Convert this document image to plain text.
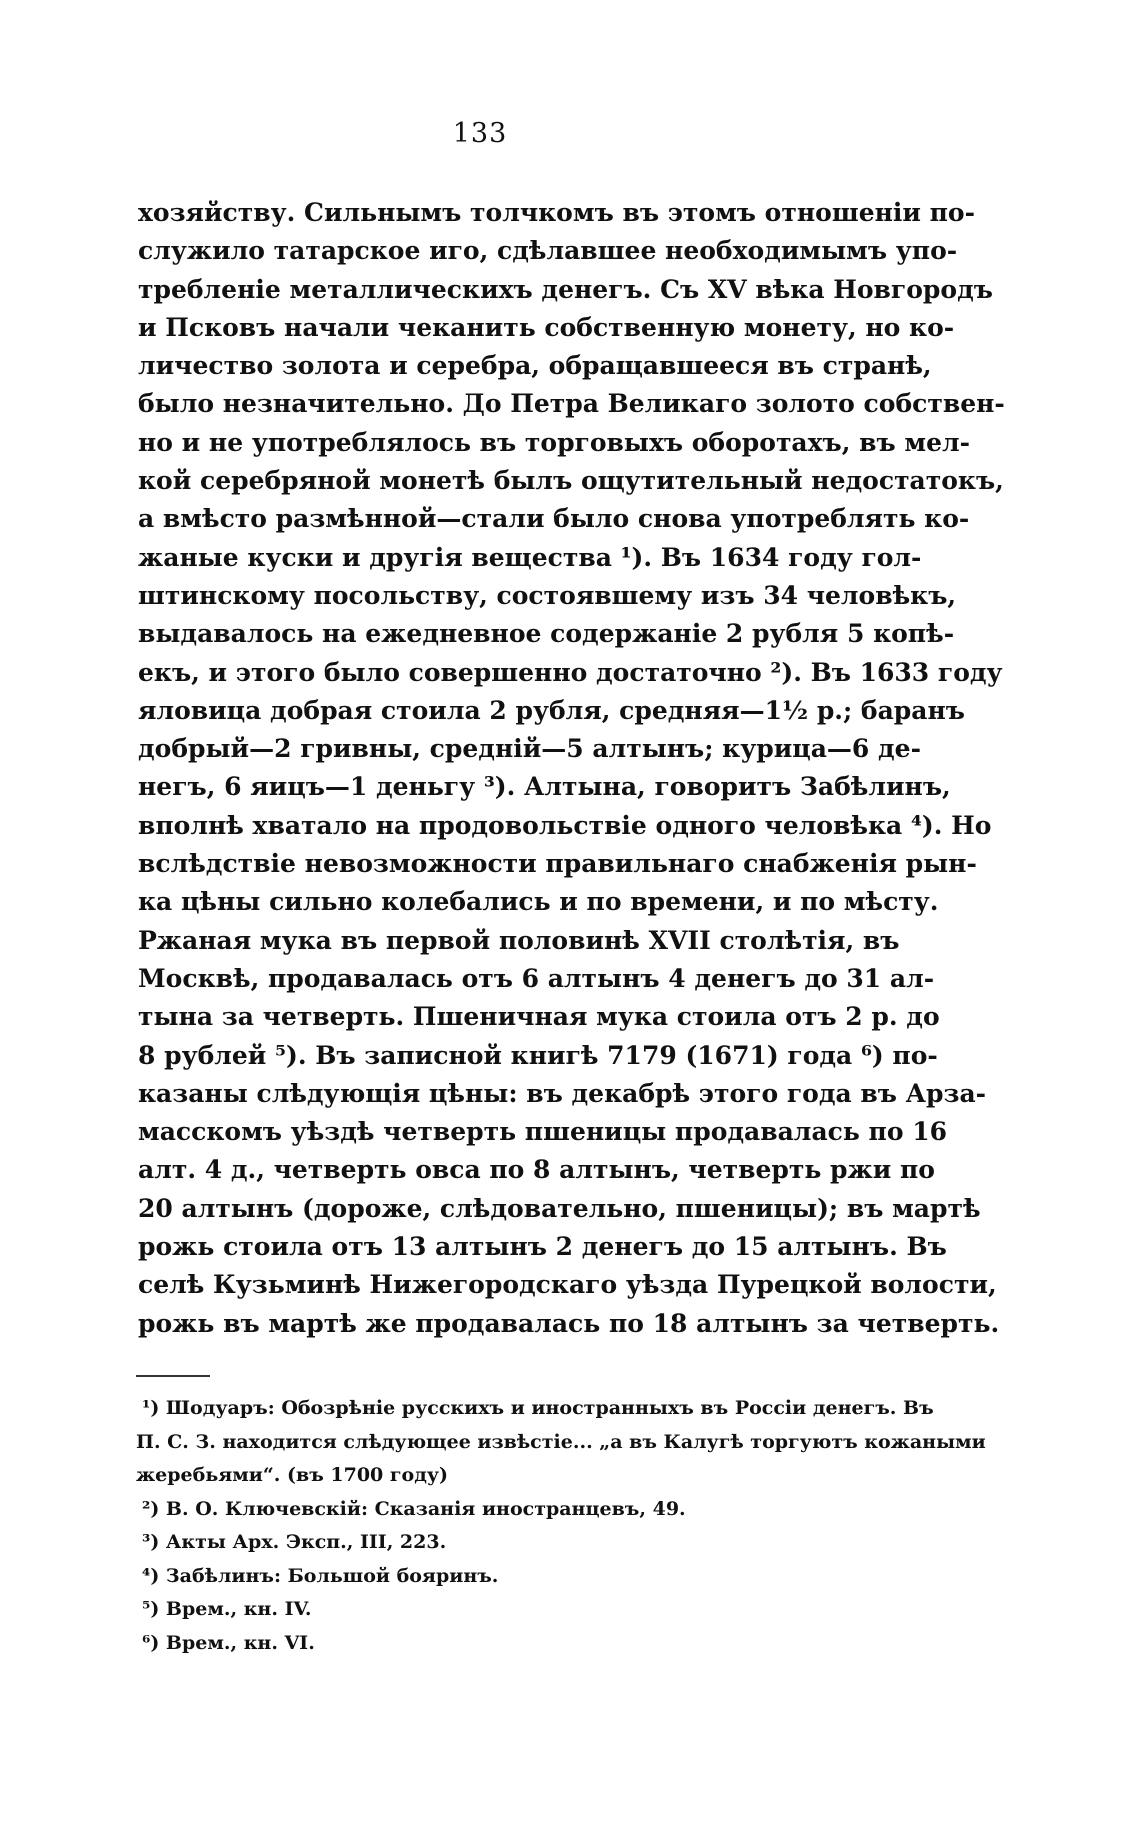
133
хозяйству. Сильнымъ толчкомъ въ этомъ отношеніи по-
служило татарское иго, сдѣлавшее необходимымъ упо-
требленіе металлическихъ денегъ. Съ XV вѣка Новгородъ
и Псковъ начали чеканить собственную монету, но ко-
личество золота и серебра, обращавшееся въ странѣ,
было незначительно. До Петра Великаго золото собствен-
но и не употреблялось въ торговыхъ оборотахъ, въ мел-
кой серебряной монетѣ былъ ощутительный недостатокъ,
а вмѣсто размѣнной—стали было снова употреблять ко-
жаные куски и другія вещества ¹). Въ 1634 году гол-
штинскому посольству, состоявшему изъ 34 человѣкъ,
выдавалось на ежедневное содержаніе 2 рубля 5 копѣ-
екъ, и этого было совершенно достаточно ²). Въ 1633 году
яловица добрая стоила 2 рубля, средняя—1½ р.; баранъ
добрый—2 гривны, среднiй—5 алтынъ; курица—6 де-
негъ, 6 яицъ—1 деньгу ³). Алтына, говоритъ Забѣлинъ,
вполнѣ хватало на продовольствіе одного человѣка ⁴). Но
вслѣдствіе невозможности правильнаго снабженія рын-
ка цѣны сильно колебались и по времени, и по мѣсту.
Ржаная мука въ первой половинѣ XVII столѣтія, въ
Москвѣ, продавалась отъ 6 алтынъ 4 денегъ до 31 ал-
тына за четверть. Пшеничная мука стоила отъ 2 р. до
8 рублей ⁵). Въ записной книгѣ 7179 (1671) года ⁶) по-
казаны слѣдующія цѣны: въ декабрѣ этого года въ Арза-
масскомъ уѣздѣ четверть пшеницы продавалась по 16
алт. 4 д., четверть овса по 8 алтынъ, четверть ржи по
20 алтынъ (дороже, слѣдовательно, пшеницы); въ мартѣ
рожь стоила отъ 13 алтынъ 2 денегъ до 15 алтынъ. Въ
селѣ Кузьминѣ Нижегородскаго уѣзда Пурецкой волости,
рожь въ мартѣ же продавалась по 18 алтынъ за четверть.
¹) Шодуаръ: Обозрѣніе русскихъ и иностранныхъ въ Россіи денегъ. Въ
П. С. З. находится слѣдующее извѣстіе... „а въ Калугѣ торгуютъ кожаными
жеребьями“. (въ 1700 году)
²) В. О. Ключевскiй: Сказанія иностранцевъ, 49.
³) Акты Арх. Эксп., III, 223.
⁴) Забѣлинъ: Большой бояринъ.
⁵) Врем., кн. IV.
⁶) Врем., кн. VI.
